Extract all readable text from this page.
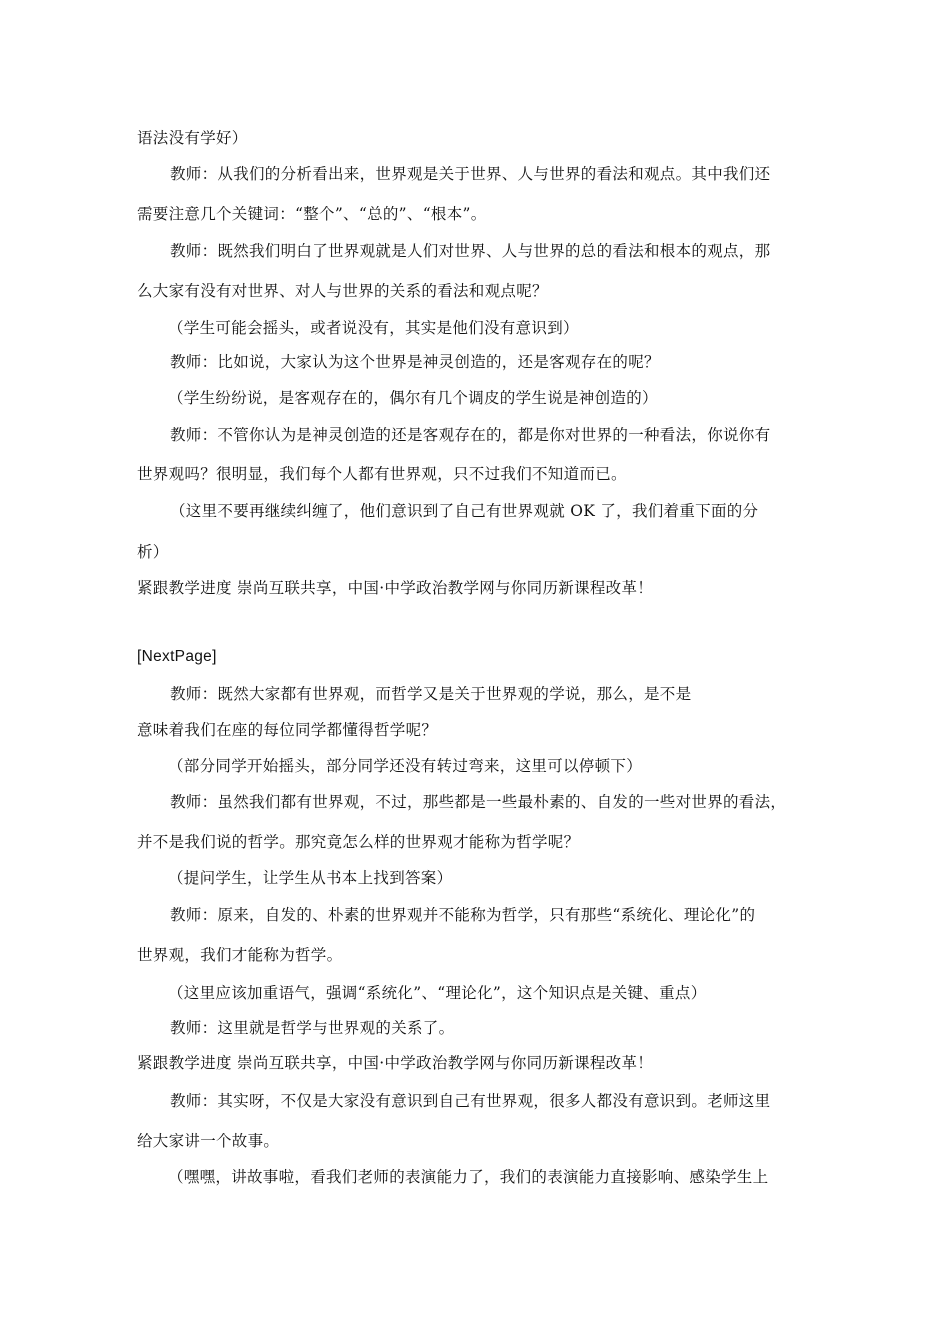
语法没有学好）
教师：从我们的分析看出来，世界观是关于世界、人与世界的看法和观点。其中我们还
需要注意几个关键词：“整个”、“总的”、“根本”。
教师：既然我们明白了世界观就是人们对世界、人与世界的总的看法和根本的观点，那
么大家有没有对世界、对人与世界的关系的看法和观点呢？
（学生可能会摇头，或者说没有，其实是他们没有意识到）
教师：比如说，大家认为这个世界是神灵创造的，还是客观存在的呢？
（学生纷纷说，是客观存在的，偶尔有几个调皮的学生说是神创造的）
教师：不管你认为是神灵创造的还是客观存在的，都是你对世界的一种看法，你说你有
世界观吗？很明显，我们每个人都有世界观，只不过我们不知道而已。
（这里不要再继续纠缠了，他们意识到了自己有世界观就 OK 了，我们着重下面的分
析）
紧跟教学进度 崇尚互联共享，中国·中学政治教学网与你同历新课程改革！
[NextPage]
教师：既然大家都有世界观，而哲学又是关于世界观的学说，那么，是不是
意味着我们在座的每位同学都懂得哲学呢？
（部分同学开始摇头，部分同学还没有转过弯来，这里可以停顿下）
教师：虽然我们都有世界观，不过，那些都是一些最朴素的、自发的一些对世界的看法，
并不是我们说的哲学。那究竟怎么样的世界观才能称为哲学呢？
（提问学生，让学生从书本上找到答案）
教师：原来，自发的、朴素的世界观并不能称为哲学，只有那些“系统化、理论化”的
世界观，我们才能称为哲学。
（这里应该加重语气，强调“系统化”、“理论化”，这个知识点是关键、重点）
教师：这里就是哲学与世界观的关系了。
紧跟教学进度 崇尚互联共享，中国·中学政治教学网与你同历新课程改革！
教师：其实呀，不仅是大家没有意识到自己有世界观，很多人都没有意识到。老师这里
给大家讲一个故事。
（嘿嘿，讲故事啦，看我们老师的表演能力了，我们的表演能力直接影响、感染学生上
